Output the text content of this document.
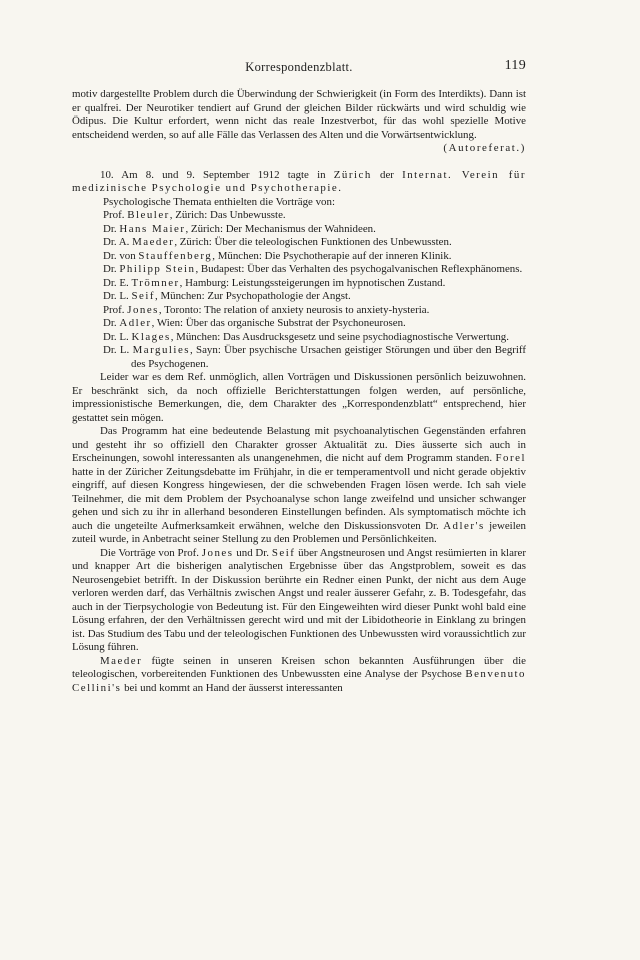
Korrespondenzblatt.	119

motiv dargestellte Problem durch die Überwindung der Schwierigkeit (in Form des Interdikts). Dann ist er qualfrei. Der Neurotiker tendiert auf Grund der gleichen Bilder rückwärts und wird schuldig wie Ödipus. Die Kultur erfordert, wenn nicht das reale Inzestverbot, für das wohl spezielle Motive entscheidend werden, so auf alle Fälle das Verlassen des Alten und die Vorwärtsentwicklung.

(Autoreferat.)

10. Am 8. und 9. September 1912 tagte in Zürich der Internat. Verein für medizinische Psychologie und Psychotherapie.

Psychologische Themata enthielten die Vorträge von:

Prof. Bleuler, Zürich: Das Unbewusste.
Dr. Hans Maier, Zürich: Der Mechanismus der Wahnideen.
Dr. A. Maeder, Zürich: Über die teleologischen Funktionen des Unbewussten.
Dr. von Stauffenberg, München: Die Psychotherapie auf der inneren Klinik.
Dr. Philipp Stein, Budapest: Über das Verhalten des psychogalvanischen Reflexphänomens.
Dr. E. Trömner, Hamburg: Leistungssteigerungen im hypnotischen Zustand.
Dr. L. Seif, München: Zur Psychopathologie der Angst.
Prof. Jones, Toronto: The relation of anxiety neurosis to anxiety-hysteria.
Dr. Adler, Wien: Über das organische Substrat der Psychoneurosen.
Dr. L. Klages, München: Das Ausdrucksgesetz und seine psychodiagnostische Verwertung.
Dr. L. Margulies, Sayn: Über psychische Ursachen geistiger Störungen und über den Begriff des Psychogenen.

Leider war es dem Ref. unmöglich, allen Vorträgen und Diskussionen persönlich beizuwohnen. Er beschränkt sich, da noch offizielle Berichterstattungen folgen werden, auf persönliche, impressionistische Bemerkungen, die, dem Charakter des „Korrespondenzblatt“ entsprechend, hier gestattet sein mögen.

Das Programm hat eine bedeutende Belastung mit psychoanalytischen Gegenständen erfahren und gesteht ihr so offiziell den Charakter grosser Aktualität zu. Dies äusserte sich auch in Erscheinungen, sowohl interessanten als unangenehmen, die nicht auf dem Programm standen. Forel hatte in der Züricher Zeitungsdebatte im Frühjahr, in die er temperamentvoll und nicht gerade objektiv eingriff, auf diesen Kongress hingewiesen, der die schwebenden Fragen lösen werde. Ich sah viele Teilnehmer, die mit dem Problem der Psychoanalyse schon lange zweifelnd und unsicher schwanger gehen und sich zu ihr in allerhand besonderen Einstellungen befinden. Als symptomatisch möchte ich auch die ungeteilte Aufmerksamkeit erwähnen, welche den Diskussionsvoten Dr. Adler's jeweilen zuteil wurde, in Anbetracht seiner Stellung zu den Problemen und Persönlichkeiten.

Die Vorträge von Prof. Jones und Dr. Seif über Angstneurosen und Angst resümierten in klarer und knapper Art die bisherigen analytischen Ergebnisse über das Angstproblem, soweit es das Neurosengebiet betrifft. In der Diskussion berührte ein Redner einen Punkt, der nicht aus dem Auge verloren werden darf, das Verhältnis zwischen Angst und realer äusserer Gefahr, z. B. Todesgefahr, das auch in der Tierpsychologie von Bedeutung ist. Für den Eingeweihten wird dieser Punkt wohl bald eine Lösung erfahren, der den Verhältnissen gerecht wird und mit der Libidotheorie in Einklang zu bringen ist. Das Studium des Tabu und der teleologischen Funktionen des Unbewussten wird voraussichtlich zur Lösung führen.

Maeder fügte seinen in unseren Kreisen schon bekannten Ausführungen über die teleologischen, vorbereitenden Funktionen des Unbewussten eine Analyse der Psychose Benvenuto Cellini's bei und kommt an Hand der äusserst interessanten
